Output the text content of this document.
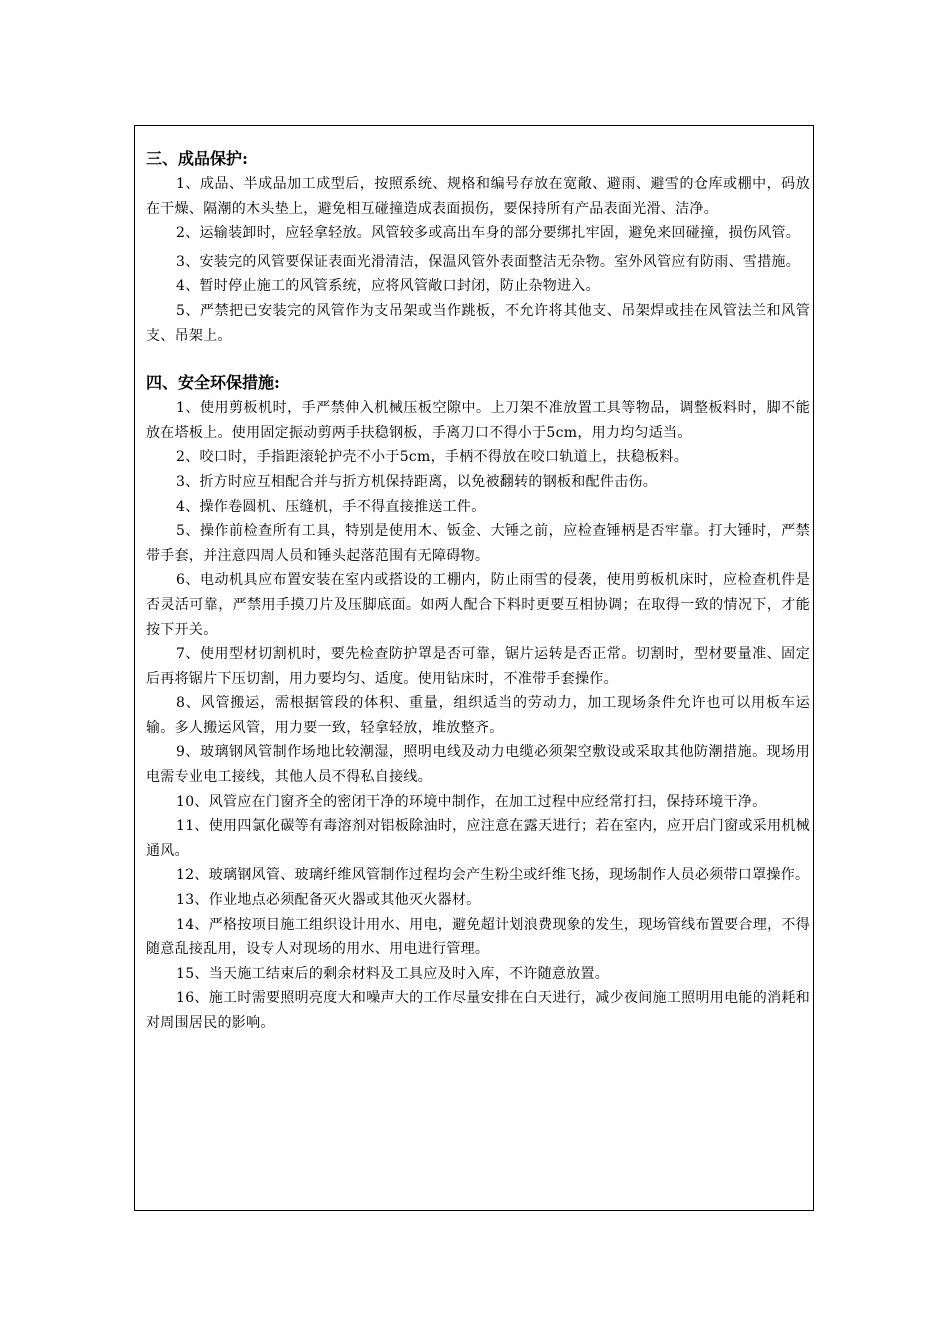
三、成品保护:

1、成品、半成品加工成型后，按照系统、规格和编号存放在宽敞、避雨、避雪的仓库或棚中，码放在干燥、隔潮的木头垫上，避免相互碰撞造成表面损伤，要保持所有产品表面光滑、洁净。

2、运输装卸时，应轻拿轻放。风管较多或高出车身的部分要绑扎牢固，避免来回碰撞，损伤风管。

3、安装完的风管要保证表面光滑清洁，保温风管外表面整洁无杂物。室外风管应有防雨、雪措施。

4、暂时停止施工的风管系统，应将风管敞口封闭，防止杂物进入。

5、严禁把已安装完的风管作为支吊架或当作跳板，不允许将其他支、吊架焊或挂在风管法兰和风管支、吊架上。

四、安全环保措施:

1、使用剪板机时，手严禁伸入机械压板空隙中。上刀架不准放置工具等物品，调整板料时，脚不能放在塔板上。使用固定振动剪两手扶稳钢板，手离刀口不得小于5cm，用力均匀适当。

2、咬口时，手指距滚轮护壳不小于5cm，手柄不得放在咬口轨道上，扶稳板料。

3、折方时应互相配合并与折方机保持距离，以免被翻转的钢板和配件击伤。

4、操作卷圆机、压缝机，手不得直接推送工件。

5、操作前检查所有工具，特别是使用木、钣金、大锤之前，应检查锤柄是否牢靠。打大锤时，严禁带手套，并注意四周人员和锤头起落范围有无障碍物。

6、电动机具应布置安装在室内或搭设的工棚内，防止雨雪的侵袭，使用剪板机床时，应检查机件是否灵活可靠，严禁用手摸刀片及压脚底面。如两人配合下料时更要互相协调；在取得一致的情况下，才能按下开关。

7、使用型材切割机时，要先检查防护罩是否可靠，锯片运转是否正常。切割时，型材要量准、固定后再将锯片下压切割，用力要均匀、适度。使用钻床时，不准带手套操作。

8、风管搬运，需根据管段的体积、重量，组织适当的劳动力，加工现场条件允许也可以用板车运输。多人搬运风管，用力要一致，轻拿轻放，堆放整齐。

9、玻璃钢风管制作场地比较潮湿，照明电线及动力电缆必须架空敷设或采取其他防潮措施。现场用电需专业电工接线，其他人员不得私自接线。

10、风管应在门窗齐全的密闭干净的环境中制作，在加工过程中应经常打扫，保持环境干净。

11、使用四氯化碳等有毒溶剂对铝板除油时，应注意在露天进行；若在室内，应开启门窗或采用机械通风。

12、玻璃钢风管、玻璃纤维风管制作过程均会产生粉尘或纤维飞扬，现场制作人员必须带口罩操作。

13、作业地点必须配备灭火器或其他灭火器材。

14、严格按项目施工组织设计用水、用电，避免超计划浪费现象的发生，现场管线布置要合理，不得随意乱接乱用，设专人对现场的用水、用电进行管理。

15、当天施工结束后的剩余材料及工具应及时入库，不许随意放置。

16、施工时需要照明亮度大和噪声大的工作尽量安排在白天进行，减少夜间施工照明用电能的消耗和对周围居民的影响。
